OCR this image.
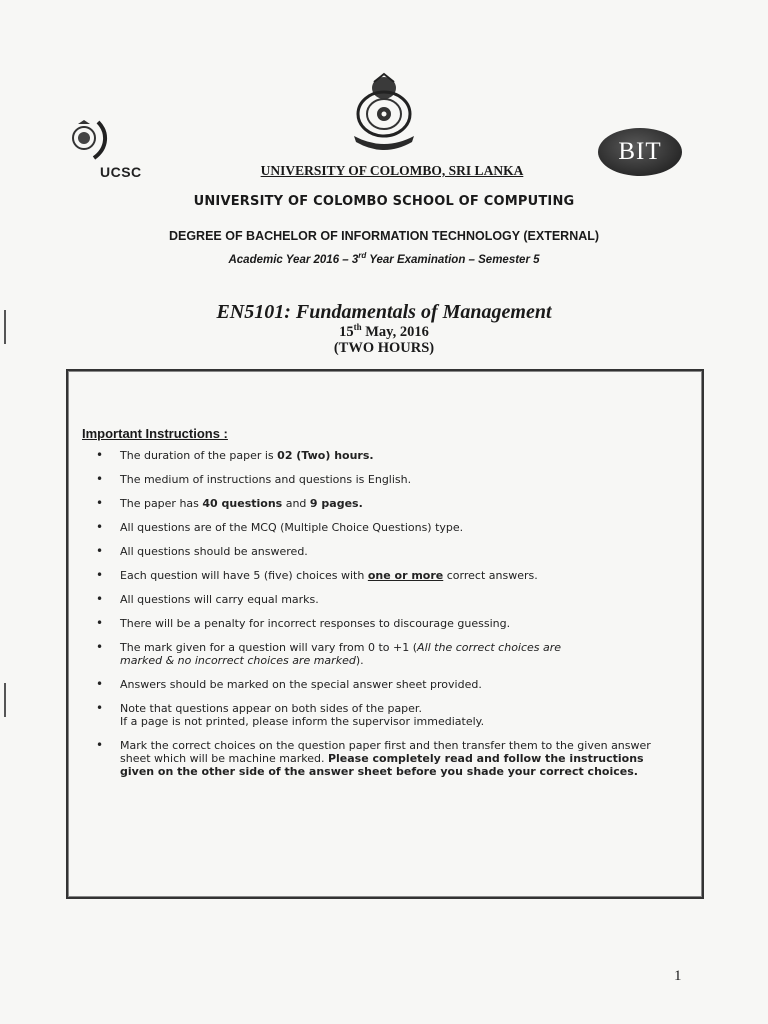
UCSC
BIT
UNIVERSITY OF COLOMBO, SRI LANKA
UNIVERSITY OF COLOMBO SCHOOL OF COMPUTING
DEGREE OF BACHELOR OF INFORMATION TECHNOLOGY (EXTERNAL)
Academic Year 2016 – 3rd Year Examination – Semester 5
EN5101: Fundamentals of Management
15th May, 2016
(TWO HOURS)
Important Instructions :
• The duration of the paper is 02 (Two) hours.
• The medium of instructions and questions is English.
• The paper has 40 questions and 9 pages.
• All questions are of the MCQ (Multiple Choice Questions) type.
• All questions should be answered.
• Each question will have 5 (five) choices with one or more correct answers.
• All questions will carry equal marks.
• There will be a penalty for incorrect responses to discourage guessing.
• The mark given for a question will vary from 0 to +1 (All the correct choices are
marked & no incorrect choices are marked).
• Answers should be marked on the special answer sheet provided.
• Note that questions appear on both sides of the paper.
If a page is not printed, please inform the supervisor immediately.
• Mark the correct choices on the question paper first and then transfer them to the given answer sheet which will be machine marked. Please completely read and follow the instructions given on the other side of the answer sheet before you shade your correct choices.
1
